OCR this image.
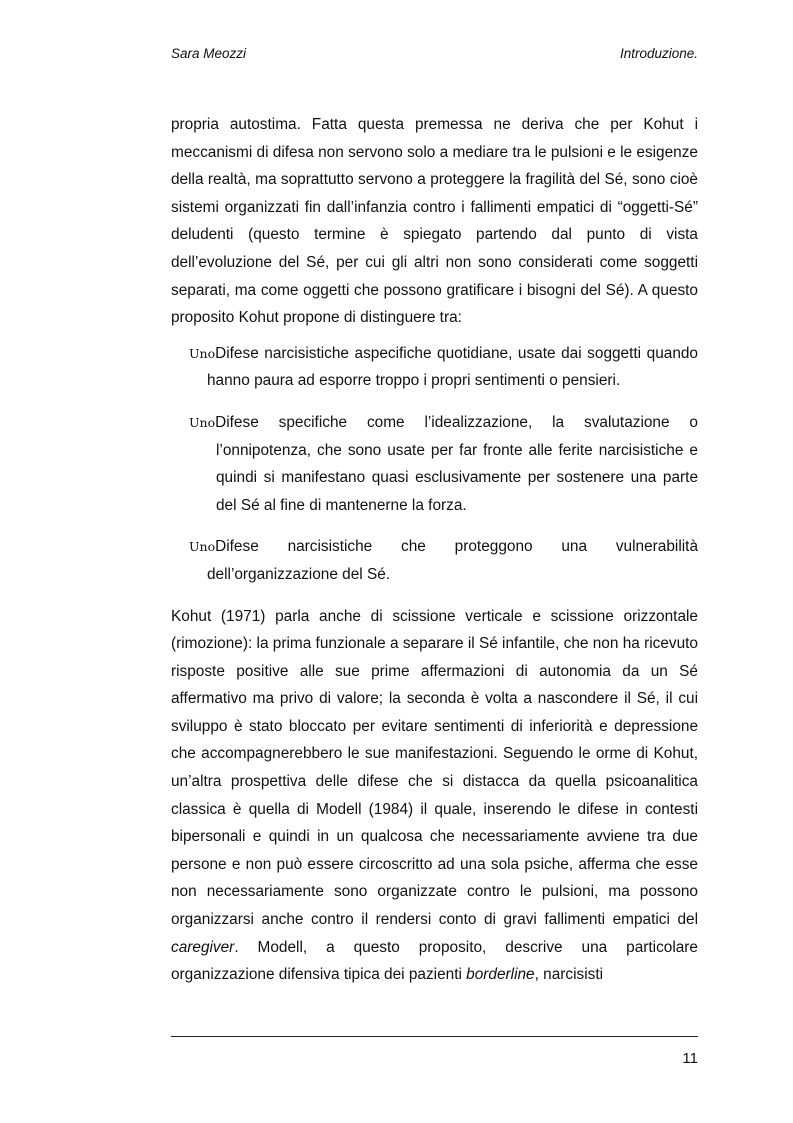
Sara Meozzi	Introduzione.

propria autostima. Fatta questa premessa ne deriva che per Kohut i meccanismi di difesa non servono solo a mediare tra le pulsioni e le esigenze della realtà, ma soprattutto servono a proteggere la fragilità del Sé, sono cioè sistemi organizzati fin dall’infanzia contro i fallimenti empatici di “oggetti-Sé” deludenti (questo termine è spiegato partendo dal punto di vista dell’evoluzione del Sé, per cui gli altri non sono considerati come soggetti separati, ma come oggetti che possono gratificare i bisogni del Sé). A questo proposito Kohut propone di distinguere tra:

UnoDifese narcisistiche aspecifiche quotidiane, usate dai soggetti quando hanno paura ad esporre troppo i propri sentimenti o pensieri.
UnoDifese specifiche come l’idealizzazione, la svalutazione o l’onnipotenza, che sono usate per far fronte alle ferite narcisistiche e quindi si manifestano quasi esclusivamente per sostenere una parte del Sé al fine di mantenerne la forza.
UnoDifese narcisistiche che proteggono una vulnerabilità dell’organizzazione del Sé.

Kohut (1971) parla anche di scissione verticale e scissione orizzontale (rimozione): la prima funzionale a separare il Sé infantile, che non ha ricevuto risposte positive alle sue prime affermazioni di autonomia da un Sé affermativo ma privo di valore; la seconda è volta a nascondere il Sé, il cui sviluppo è stato bloccato per evitare sentimenti di inferiorità e depressione che accompagnerebbero le sue manifestazioni. Seguendo le orme di Kohut, un’altra prospettiva delle difese che si distacca da quella psicoanalitica classica è quella di Modell (1984) il quale, inserendo le difese in contesti bipersonali e quindi in un qualcosa che necessariamente avviene tra due persone e non può essere circoscritto ad una sola psiche, afferma che esse non necessariamente sono organizzate contro le pulsioni, ma possono organizzarsi anche contro il rendersi conto di gravi fallimenti empatici del caregiver. Modell, a questo proposito, descrive una particolare organizzazione difensiva tipica dei pazienti borderline, narcisisti

11
